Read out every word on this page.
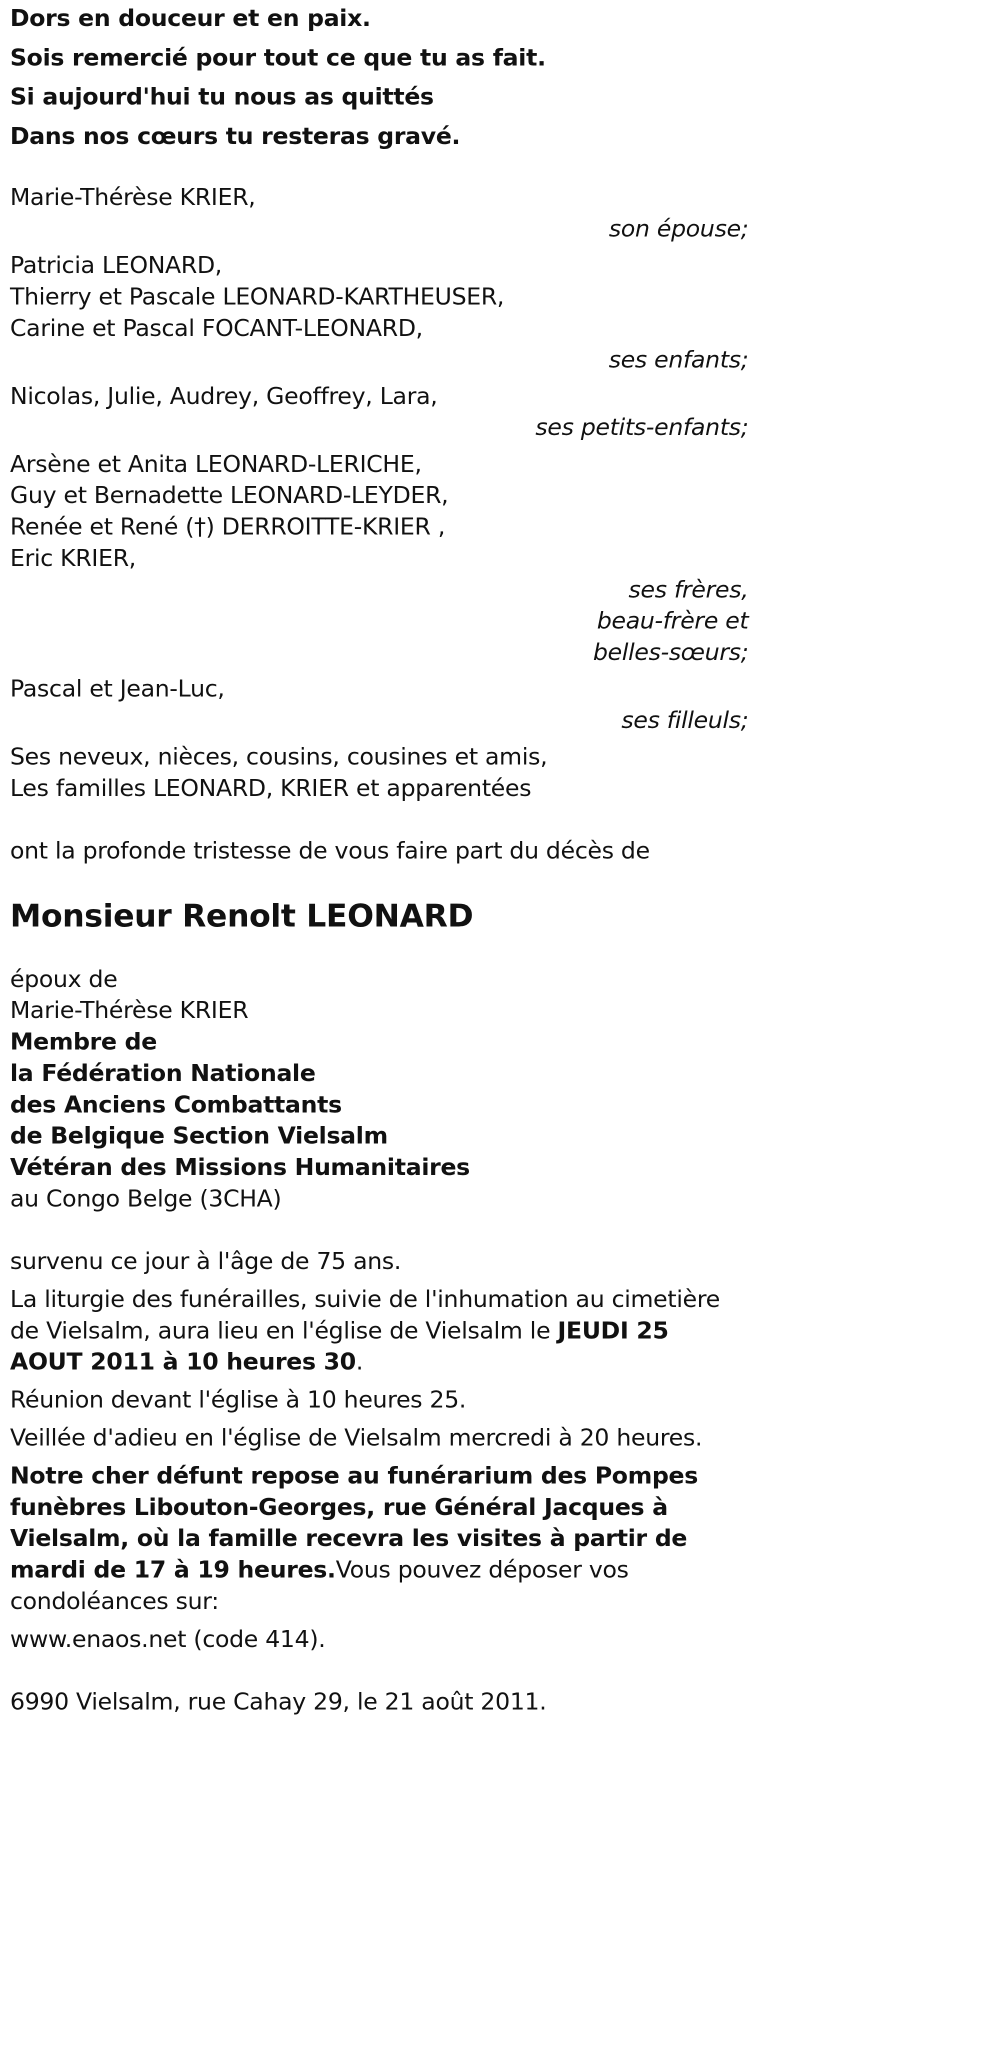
Dors en douceur et en paix.

Sois remercié pour tout ce que tu as fait.

Si aujourd'hui tu nous as quittés

Dans nos cœurs tu resteras gravé.

Marie-Thérèse KRIER,

son épouse;

Patricia LEONARD,

Thierry et Pascale LEONARD-KARTHEUSER,

Carine et Pascal FOCANT-LEONARD,

ses enfants;

Nicolas, Julie, Audrey, Geoffrey, Lara,

ses petits-enfants;

Arsène et Anita LEONARD-LERICHE,

Guy et Bernadette LEONARD-LEYDER,

Renée et René (†) DERROITTE-KRIER ,

Eric KRIER,

ses frères,
beau-frère et
belles-sœurs;

Pascal et Jean-Luc,

ses filleuls;

Ses neveux, nièces, cousins, cousines et amis,

Les familles LEONARD, KRIER et apparentées

ont la profonde tristesse de vous faire part du décès de

Monsieur Renolt LEONARD

époux de

Marie-Thérèse KRIER

Membre de

la Fédération Nationale

des Anciens Combattants

de Belgique Section Vielsalm

Vétéran des Missions Humanitaires

au Congo Belge (3CHA)

survenu ce jour à l'âge de 75 ans.

La liturgie des funérailles, suivie de l'inhumation au cimetière de Vielsalm, aura lieu en l'église de Vielsalm le JEUDI 25 AOUT 2011 à 10 heures 30.

Réunion devant l'église à 10 heures 25.

Veillée d'adieu en l'église de Vielsalm mercredi à 20 heures.

Notre cher défunt repose au funérarium des Pompes funèbres Libouton-Georges, rue Général Jacques à Vielsalm, où la famille recevra les visites à partir de mardi de 17 à 19 heures.Vous pouvez déposer vos condoléances sur:

www.enaos.net (code 414).

6990 Vielsalm, rue Cahay 29, le 21 août 2011.
